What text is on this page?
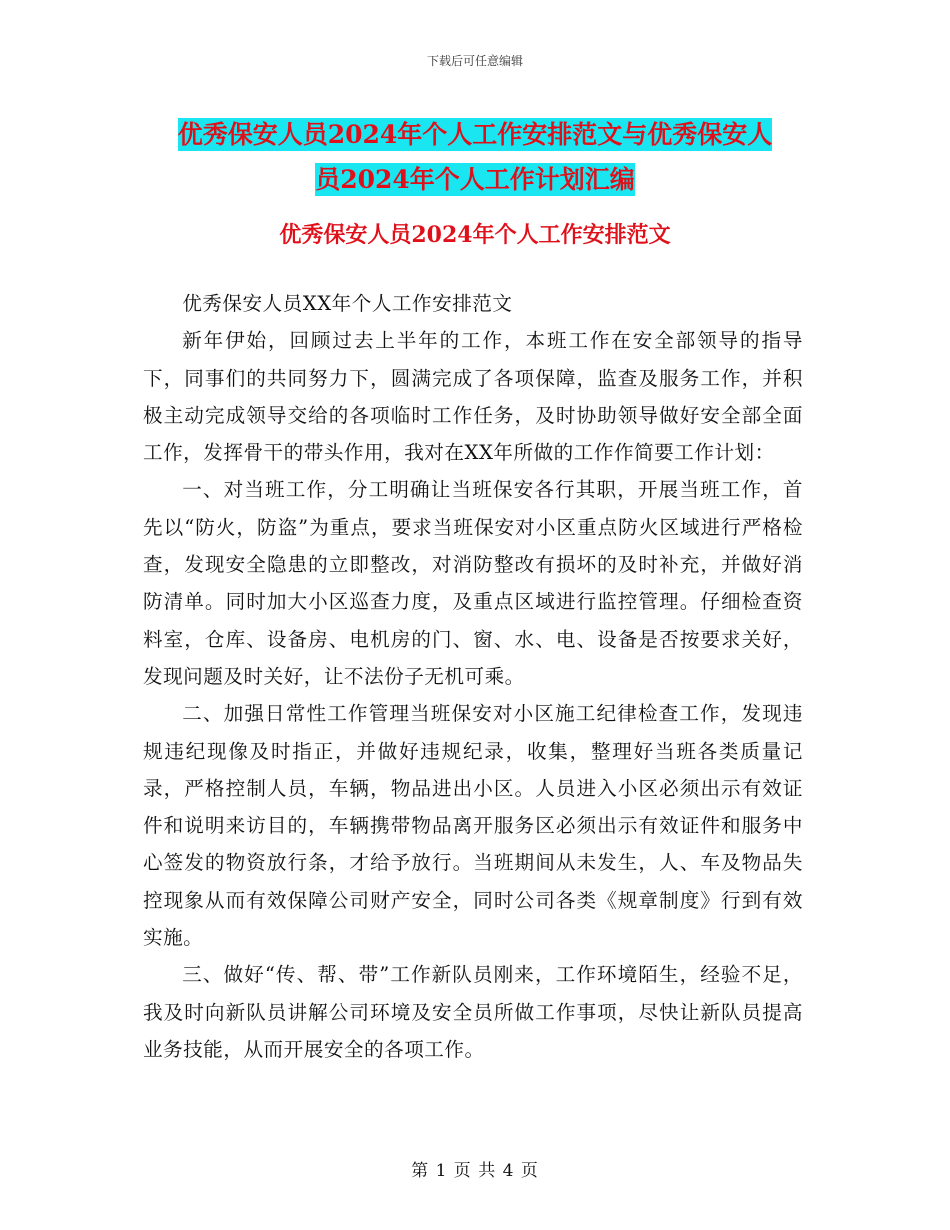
下载后可任意编辑
优秀保安人员2024年个人工作安排范文与优秀保安人
员2024年个人工作计划汇编
优秀保安人员2024年个人工作安排范文

优秀保安人员XX年个人工作安排范文

新年伊始，回顾过去上半年的工作，本班工作在安全部领导的指导下，同事们的共同努力下，圆满完成了各项保障，监查及服务工作，并积极主动完成领导交给的各项临时工作任务，及时协助领导做好安全部全面工作，发挥骨干的带头作用，我对在XX年所做的工作作简要工作计划：

一、对当班工作，分工明确让当班保安各行其职，开展当班工作，首先以“防火，防盗”为重点，要求当班保安对小区重点防火区域进行严格检查，发现安全隐患的立即整改，对消防整改有损坏的及时补充，并做好消防清单。同时加大小区巡查力度，及重点区域进行监控管理。仔细检查资料室，仓库、设备房、电机房的门、窗、水、电、设备是否按要求关好，发现问题及时关好，让不法份子无机可乘。

二、加强日常性工作管理当班保安对小区施工纪律检查工作，发现违规违纪现像及时指正，并做好违规纪录，收集，整理好当班各类质量记录，严格控制人员，车辆，物品进出小区。人员进入小区必须出示有效证件和说明来访目的，车辆携带物品离开服务区必须出示有效证件和服务中心签发的物资放行条，才给予放行。当班期间从未发生，人、车及物品失控现象从而有效保障公司财产安全，同时公司各类《规章制度》行到有效实施。

三、做好“传、帮、带”工作新队员刚来，工作环境陌生，经验不足，我及时向新队员讲解公司环境及安全员所做工作事项，尽快让新队员提高业务技能，从而开展安全的各项工作。

第 1 页 共 4 页
